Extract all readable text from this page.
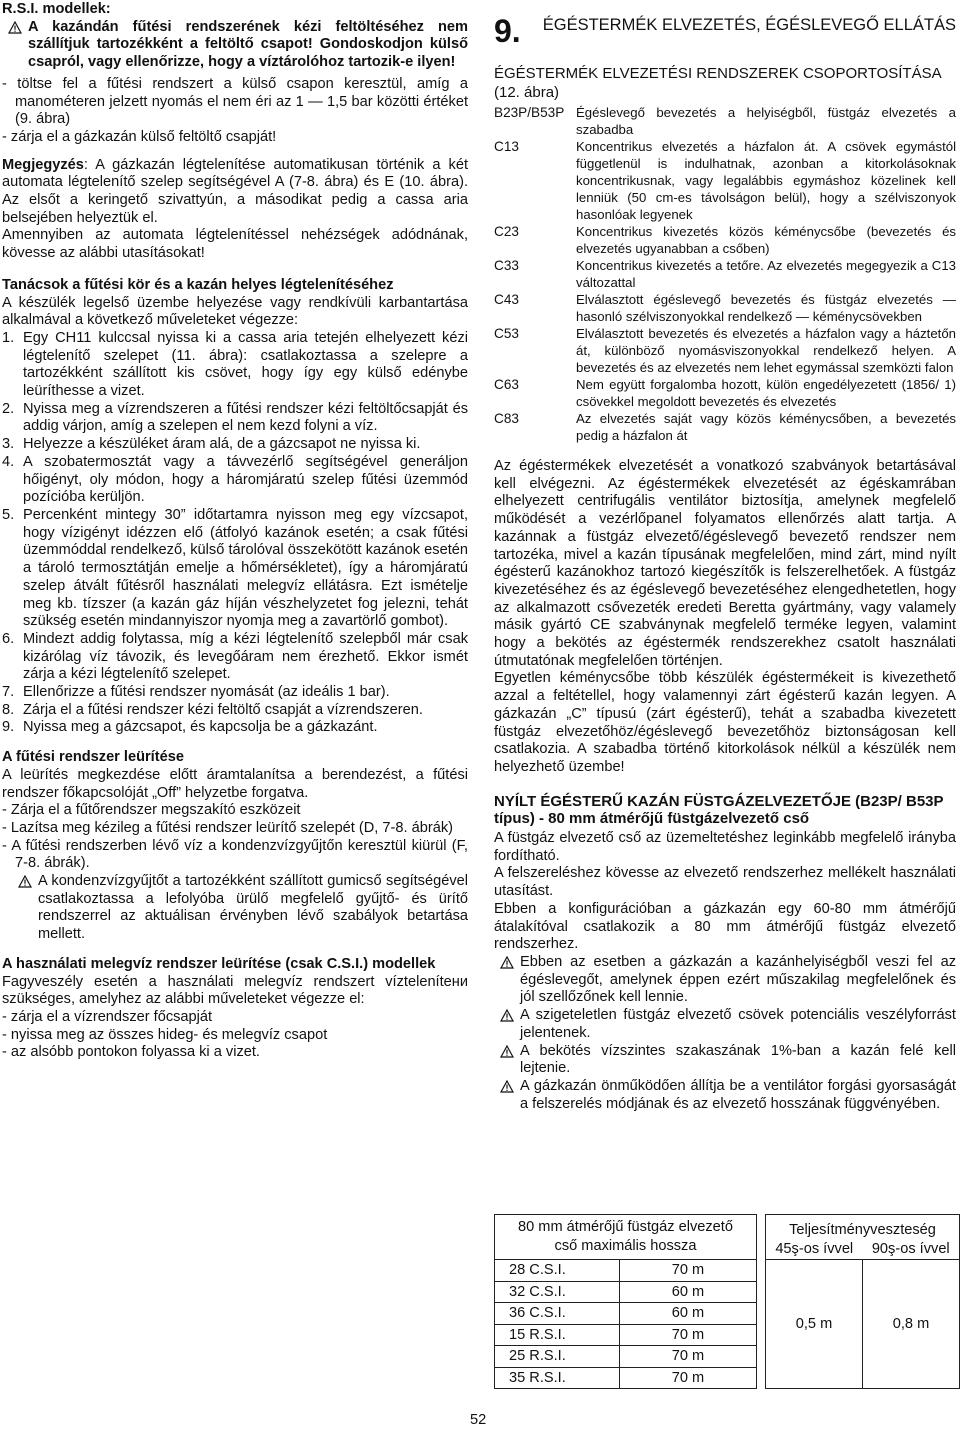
R.S.I. modellek:

A kazándán fűtési rendszerének kézi feltöltéséhez nem szállítjuk tartozékként a feltöltő csapot! Gondoskodjon külső csapról, vagy ellenőrizze, hogy a víztárolóhoz tartozik-e ilyen!

- töltse fel a fűtési rendszert a külső csapon keresztül, amíg a manométeren jelzett nyomás el nem éri az 1 — 1,5 bar közötti értéket (9. ábra)

- zárja el a gázkazán külső feltöltő csapját!

Megjegyzés: A gázkazán légtelenítése automatikusan történik a két automata légtelenítő szelep segítségével A (7-8. ábra) és E (10. ábra). Az elsőt a keringető szivattyún, a másodikat pedig a cassa aria belsejében helyeztük el.

Amennyiben az automata légtelenítéssel nehézségek adódnának, kövesse az alábbi utasításokat!

Tanácsok a fűtési kör és a kazán helyes légtelenítéséhez

A készülék legelső üzembe helyezése vagy rendkívüli karbantartása alkalmával a következő műveleteket végezze:

1. Egy CH11 kulccsal nyissa ki a cassa aria tetején elhelyezett kézi légtelenítő szelepet (11. ábra): csatlakoztassa a szelepre a tartozékként szállított kis csövet, hogy így egy külső edénybe leüríthesse a vizet.
2. Nyissa meg a vízrendszeren a fűtési rendszer kézi feltöltőcsapját és addig várjon, amíg a szelepen el nem kezd folyni a víz.
3. Helyezze a készüléket áram alá, de a gázcsapot ne nyissa ki.
4. A szobatermosztát vagy a távvezérlő segítségével generáljon hőigényt, oly módon, hogy a háromjáratú szelep fűtési üzemmód pozícióba kerüljön.
5. Percenként mintegy 30” időtartamra nyisson meg egy vízcsapot, hogy vízigényt idézzen elő (átfolyó kazánok esetén; a csak fűtési üzemmóddal rendelkező, külső tárolóval összekötött kazánok esetén a tároló termosztátján emelje a hőmérsékletet), így a háromjáratú szelep átvált fűtésről használati melegvíz ellátásra. Ezt ismételje meg kb. tízszer (a kazán gáz híján vészhelyzetet fog jelezni, tehát szükség esetén mindannyiszor nyomja meg a zavartörlő gombot).
6. Mindezt addig folytassa, míg a kézi légtelenítő szelepből már csak kizárólag víz távozik, és levegőáram nem érezhető. Ekkor ismét zárja a kézi légtelenítő szelepet.
7. Ellenőrizze a fűtési rendszer nyomását (az ideális 1 bar).
8. Zárja el a fűtési rendszer kézi feltöltő csapját a vízrendszeren.
9. Nyissa meg a gázcsapot, és kapcsolja be a gázkazánt.

A fűtési rendszer leürítése

A leürítés megkezdése előtt áramtalanítsa a berendezést, a fűtési rendszer főkapcsolóját „Off” helyzetbe forgatva.

- Zárja el a fűtőrendszer megszakító eszközeit

- Lazítsa meg kézileg a fűtési rendszer leürítő szelepét (D, 7-8. ábrák)

- A fűtési rendszerben lévő víz a kondenzvízgyűjtőn keresztül kiürül (F, 7-8. ábrák).

A kondenzvízgyűjtőt a tartozékként szállított gumicső segítségével csatlakoztassa a lefolyóba ürülő megfelelő gyűjtő- és ürítő rendszerrel az aktuálisan érvényben lévő szabályok betartása mellett.

A használati melegvíz rendszer leürítése (csak C.S.I.) modellek

Fagyveszély esetén a használati melegvíz rendszert víztelenítени szükséges, amelyhez az alábbi műveleteket végezze el:

- zárja el a vízrendszer főcsapját

- nyissa meg az összes hideg- és melegvíz csapot

- az alsóbb pontokon folyassa ki a vizet.

9.	ÉGÉSTERMÉK ELVEZETÉS, ÉGÉSLEVEGŐ ELLÁTÁS

ÉGÉSTERMÉK ELVEZETÉSI RENDSZEREK CSOPORTOSÍTÁSA (12. ábra)

B23P/B53P Égéslevegő bevezetés a helyiségből, füstgáz elvezetés a szabadba
C13	Koncentrikus elvezetés a házfalon át. A csövek egymástól függetlenül is indulhatnak, azonban a kitorkolásoknak koncentrikusnak, vagy legalábbis egymáshoz közelinek kell lenniük (50 cm-es távolságon belül), hogy a szélviszonyok hasonlóak legyenek
C23	Koncentrikus kivezetés közös kéménycsőbe (bevezetés és elvezetés ugyanabban a csőben)
C33	Koncentrikus kivezetés a tetőre. Az elvezetés megegyezik a C13 változattal
C43	Elválasztott égéslevegő bevezetés és füstgáz elvezetés — hasonló szélviszonyokkal rendelkező — kéménycsövekben
C53	Elválasztott bevezetés és elvezetés a házfalon vagy a háztetőn át, különböző nyomásviszonyokkal rendelkező helyen. A bevezetés és az elvezetés nem lehet egymással szemközti falon
C63	Nem együtt forgalomba hozott, külön engedélyezetett (1856/ 1) csövekkel megoldott bevezetés és elvezetés
C83	Az elvezetés saját vagy közös kéménycsőben, a bevezetés pedig a házfalon át

Az égéstermékek elvezetését a vonatkozó szabványok betartásával kell elvégezni. Az égéstermékek elvezetését az égéskamrában elhelyezett centrifugális ventilátor biztosítja, amelynek megfelelő működését a vezérlőpanel folyamatos ellenőrzés alatt tartja. A kazánnak a füstgáz elvezető/égéslevegő bevezető rendszer nem tartozéka, mivel a kazán típusának megfelelően, mind zárt, mind nyílt égésterű kazánokhoz tartozó kiegészítők is felszerelhetőek. A füstgáz kivezetéséhez és az égéslevegő bevezetéséhez elengedhetetlen, hogy az alkalmazott csővezeték eredeti Beretta gyártmány, vagy valamely másik gyártó CE szabványnak megfelelő terméke legyen, valamint hogy a bekötés az égéstermék rendszerekhez csatolt használati útmutatónak megfelelően történjen.

Egyetlen kéménycsőbe több készülék égéstermékeit is kivezethető azzal a feltétellel, hogy valamennyi zárt égésterű kazán legyen. A gázkazán „C” típusú (zárt égésterű), tehát a szabadba kivezetett füstgáz elvezetőhöz/égéslevegő bevezetőhöz biztonságosan kell csatlakozia. A szabadba történő kitorkolások nélkül a készülék nem helyezhető üzembe!

NYÍLT ÉGÉSTERŰ KAZÁN FÜSTGÁZELVEZETŐJE (B23P/ B53P típus) - 80 mm átmérőjű füstgázelvezető cső

A füstgáz elvezető cső az üzemeltetéshez leginkább megfelelő irányba fordítható.

A felszereléshez kövesse az elvezető rendszerhez mellékelt használati utasítást.

Ebben a konfigurációban a gázkazán egy 60-80 mm átmérőjű átalakítóval csatlakozik a 80 mm átmérőjű füstgáz elvezető rendszerhez.

Ebben az esetben a gázkazán a kazánhelyiségből veszi fel az égéslevegőt, amelynek éppen ezért műszakilag megfelelőnek és jól szellőzőnek kell lennie.
A szigeteletlen füstgáz elvezető csövek potenciális veszélyforrást jelentenek.
A bekötés vízszintes szakaszának 1%-ban a kazán felé kell lejtenie.
A gázkazán önműködően állítja be a ventilátor forgási gyorsaságát a felszerelés módjának és az elvezető hosszának függvényében.
80 mm átmérőjű füstgáz elvezető cső maximális hossza			Teljesítményveszteség
45ş-os ívvel 90ş-os ívvel	

28 C.S.I.	70 m		0,5 m	0,8 m
32 C.S.I.	60 m			
36 C.S.I.	60 m			
15 R.S.I.	70 m			
25 R.S.I.	70 m			
35 R.S.I.	70 m			
52
